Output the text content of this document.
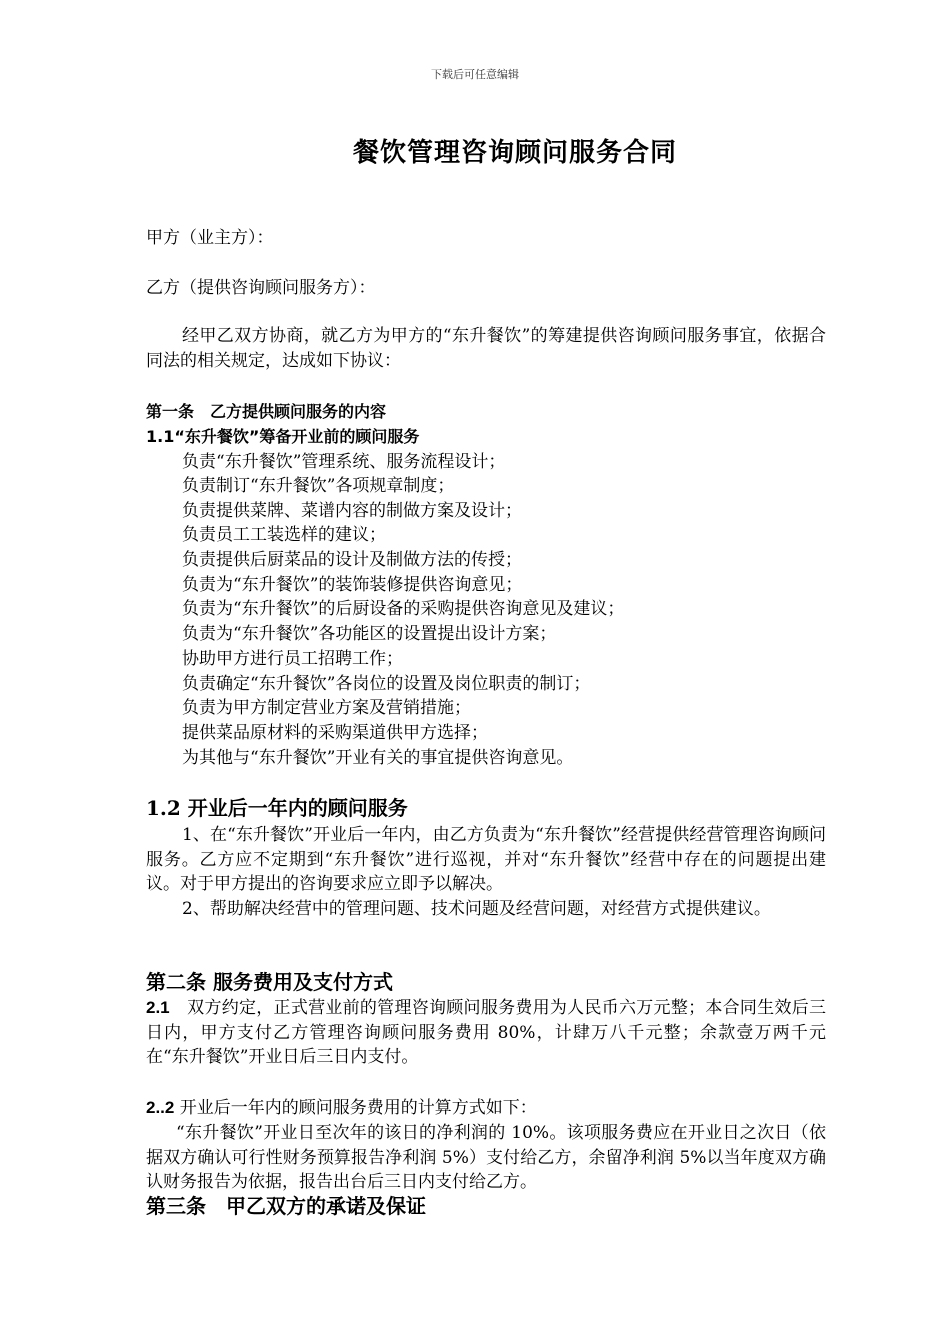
下载后可任意编辑
餐饮管理咨询顾问服务合同
甲方（业主方）：
乙方（提供咨询顾问服务方）：
经甲乙双方协商，就乙方为甲方的“东升餐饮”的筹建提供咨询顾问服务事宜，依据合同法的相关规定，达成如下协议：
第一条　乙方提供顾问服务的内容
1.1“东升餐饮”筹备开业前的顾问服务
负责“东升餐饮”管理系统、服务流程设计；
负责制订“东升餐饮”各项规章制度；
负责提供菜牌、菜谱内容的制做方案及设计；
负责员工工装选样的建议；
负责提供后厨菜品的设计及制做方法的传授；
负责为“东升餐饮”的装饰装修提供咨询意见；
负责为“东升餐饮”的后厨设备的采购提供咨询意见及建议；
负责为“东升餐饮”各功能区的设置提出设计方案；
协助甲方进行员工招聘工作；
负责确定“东升餐饮”各岗位的设置及岗位职责的制订；
负责为甲方制定营业方案及营销措施；
提供菜品原材料的采购渠道供甲方选择；
为其他与“东升餐饮”开业有关的事宜提供咨询意见。
1.2 开业后一年内的顾问服务
1、在“东升餐饮”开业后一年内，由乙方负责为“东升餐饮”经营提供经营管理咨询顾问服务。乙方应不定期到“东升餐饮”进行巡视，并对“东升餐饮”经营中存在的问题提出建议。对于甲方提出的咨询要求应立即予以解决。
2、帮助解决经营中的管理问题、技术问题及经营问题，对经营方式提供建议。
第二条 服务费用及支付方式
2.1　双方约定，正式营业前的管理咨询顾问服务费用为人民币六万元整；本合同生效后三日内，甲方支付乙方管理咨询顾问服务费用 80%，计肆万八千元整；余款壹万两千元在“东升餐饮”开业日后三日内支付。
2..2 开业后一年内的顾问服务费用的计算方式如下：
“东升餐饮”开业日至次年的该日的净利润的 10%。该项服务费应在开业日之次日（依据双方确认可行性财务预算报告净利润 5%）支付给乙方，余留净利润 5%以当年度双方确认财务报告为依据，报告出台后三日内支付给乙方。
第三条　甲乙双方的承诺及保证
